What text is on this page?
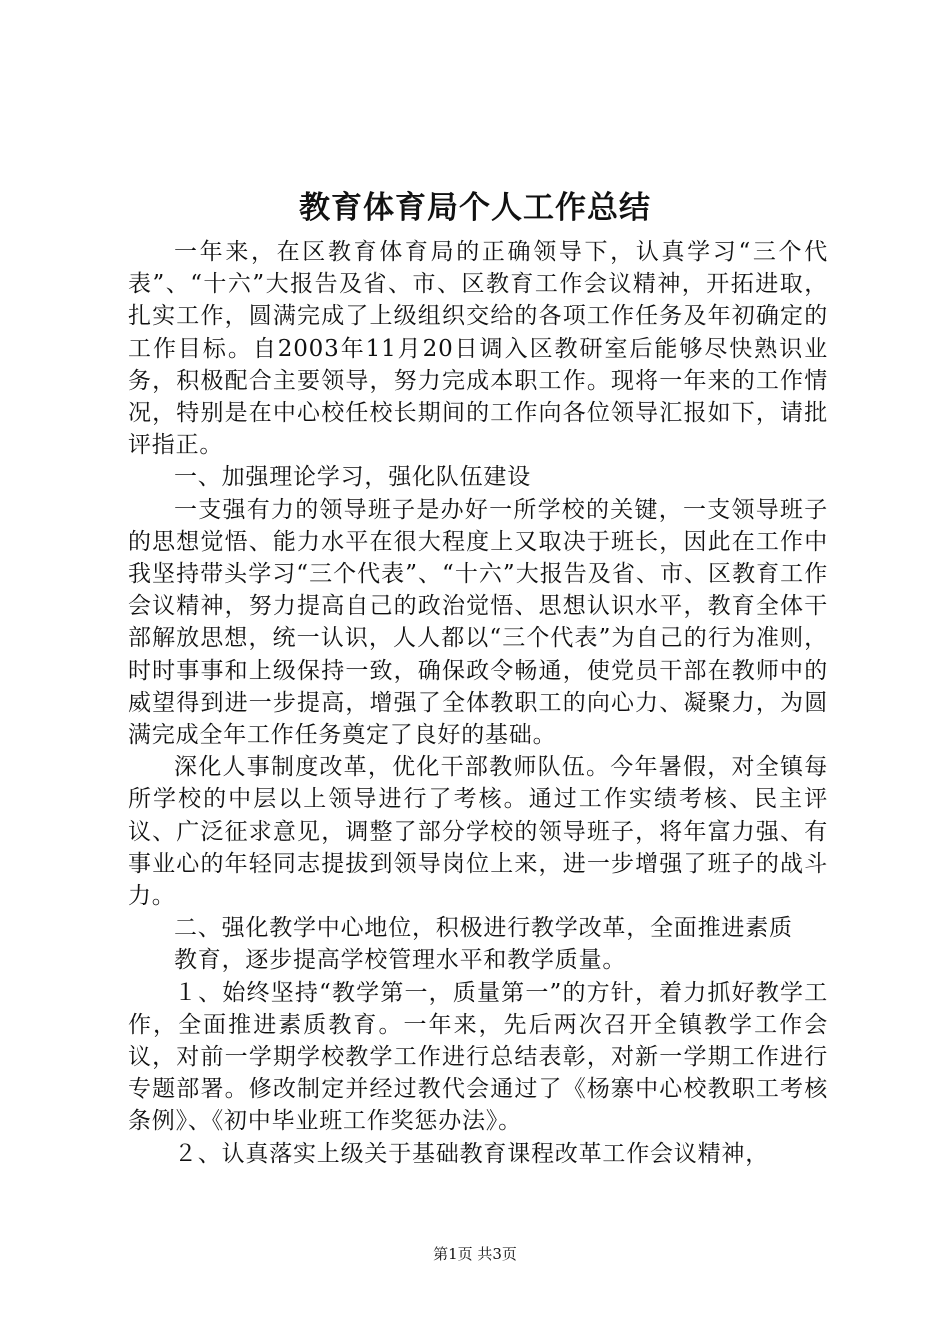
教育体育局个人工作总结

一年来，在区教育体育局的正确领导下，认真学习“三个代表”、“十六”大报告及省、市、区教育工作会议精神，开拓进取，扎实工作，圆满完成了上级组织交给的各项工作任务及年初确定的工作目标。自2003年11月20日调入区教研室后能够尽快熟识业务，积极配合主要领导，努力完成本职工作。现将一年来的工作情况，特别是在中心校任校长期间的工作向各位领导汇报如下，请批评指正。

一、加强理论学习，强化队伍建设

一支强有力的领导班子是办好一所学校的关键，一支领导班子的思想觉悟、能力水平在很大程度上又取决于班长，因此在工作中我坚持带头学习“三个代表”、“十六”大报告及省、市、区教育工作会议精神，努力提高自己的政治觉悟、思想认识水平，教育全体干部解放思想，统一认识，人人都以“三个代表”为自己的行为准则，时时事事和上级保持一致，确保政令畅通，使党员干部在教师中的威望得到进一步提高，增强了全体教职工的向心力、凝聚力，为圆满完成全年工作任务奠定了良好的基础。

深化人事制度改革，优化干部教师队伍。今年暑假，对全镇每所学校的中层以上领导进行了考核。通过工作实绩考核、民主评议、广泛征求意见，调整了部分学校的领导班子，将年富力强、有事业心的年轻同志提拔到领导岗位上来，进一步增强了班子的战斗力。

二、强化教学中心地位，积极进行教学改革，全面推进素质

教育，逐步提高学校管理水平和教学质量。

１、始终坚持“教学第一，质量第一”的方针，着力抓好教学工作，全面推进素质教育。一年来，先后两次召开全镇教学工作会议，对前一学期学校教学工作进行总结表彰，对新一学期工作进行专题部署。修改制定并经过教代会通过了《杨寨中心校教职工考核条例》、《初中毕业班工作奖惩办法》。

２、认真落实上级关于基础教育课程改革工作会议精神，

第1页 共3页
